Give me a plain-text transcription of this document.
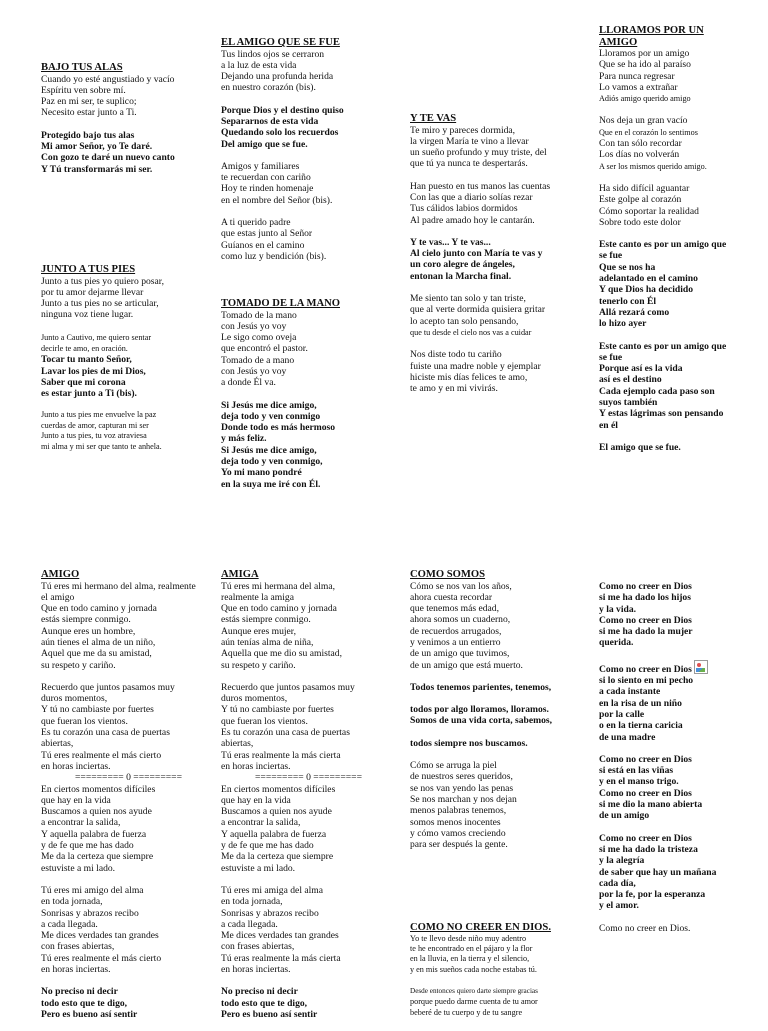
BAJO TUS ALAS

Cuando yo esté angustiado y vacío
Espíritu ven sobre mí.
Paz en mi ser, te suplico;
Necesito estar junto a Ti.

Protegido bajo tus alas
Mi amor Señor, yo Te daré.
Con gozo te daré un nuevo canto
Y Tú transformarás mi ser.

JUNTO A TUS PIES

Junto a tus pies yo quiero posar,
por tu amor dejarme llevar
Junto a tus pies no se articular,
ninguna voz tiene lugar.

Junto a Cautivo, me quiero sentar
decirle te amo, en oración.
Tocar tu manto Señor,
Lavar los pies de mi Dios,
Saber que mi corona
es estar junto a Ti (bis).

Junto a tus pies me envuelve la paz
cuerdas de amor, capturan mi ser
Junto a tus pies, tu voz atraviesa
mi alma y mi ser que tanto te anhela.

EL AMIGO QUE SE FUE

Tus lindos ojos se cerraron
a la luz de esta vida
Dejando una profunda herida
en nuestro corazón (bis).

Porque Dios y el destino quiso
Separarnos de esta vida
Quedando solo los recuerdos
Del amigo que se fue.

Amigos y familiares
te recuerdan con cariño
Hoy te rinden homenaje
en el nombre del Señor (bis).

A ti querido padre
que estas junto al Señor
Guíanos en el camino
como luz y bendición (bis).

TOMADO DE LA MANO

Tomado de la mano
con Jesús yo voy
Le sigo como oveja
que encontró el pastor.
Tomado de a mano
con Jesús yo voy
a donde Él va.

Si Jesús me dice amigo,
deja todo y ven conmigo
Donde todo es más hermoso
y más feliz.
Si Jesús me dice amigo,
deja todo y ven conmigo,
Yo mi mano pondré
en la suya me iré con Él.

Y TE VAS

Te miro y pareces dormida,
la virgen María te vino a llevar
un sueño profundo y muy triste, del
que tú ya nunca te despertarás.

Han puesto en tus manos las cuentas
Con las que a diario solías rezar
Tus cálidos labios dormidos
Al padre amado hoy le cantarán.

Y te vas... Y te vas...
Al cielo junto con María te vas y
un coro alegre de ángeles,
entonan la Marcha final.

Me siento tan solo y tan triste,
que al verte dormida quisiera gritar
lo acepto tan solo pensando,
que tu desde el cielo nos vas a cuidar

Nos diste todo tu cariño
fuiste una madre noble y ejemplar
hiciste mis días felices te amo,
te amo y en mi vivirás.

LLORAMOS POR UN
AMIGO

Lloramos por un amigo
Que se ha ido al paraíso
Para nunca regresar
Lo vamos a extrañar
Adiós amigo querido amigo

Nos deja un gran vacío
Que en el corazón lo sentimos
Con tan sólo recordar
Los días no volverán
A ser los mismos querido amigo.

Ha sido difícil aguantar
Este golpe al corazón
Cómo soportar la realidad
Sobre todo este dolor

Este canto es por un amigo que
se fue
Que se nos ha
adelantado en el camino
Y que Dios ha decidido
tenerlo con Él
Allá rezará como
lo hizo ayer

Este canto es por un amigo que
se fue
Porque así es la vida
así es el destino
Cada ejemplo cada paso son
suyos también
Y estas lágrimas son pensando
en él

El amigo que se fue.

AMIGO

Tú eres mi hermano del alma, realmente
el amigo
Que en todo camino y jornada
estás siempre conmigo.
Aunque eres un hombre,
aún tienes el alma de un niño,
Aquel que me da su amistad,
su respeto y cariño.

Recuerdo que juntos pasamos muy
duros momentos,
Y tú no cambiaste por fuertes
que fueran los vientos.
Es tu corazón una casa de puertas
abiertas,
Tú eres realmente el más cierto
en horas inciertas.
========= 0 =========
En ciertos momentos difíciles
que hay en la vida
Buscamos a quien nos ayude
a encontrar la salida,
Y aquella palabra de fuerza
y de fe que me has dado
Me da la certeza que siempre
estuviste a mi lado.

Tú eres mi amigo del alma
en toda jornada,
Sonrisas y abrazos recibo
a cada llegada.
Me dices verdades tan grandes
con frases abiertas,
Tú eres realmente el más cierto
en horas inciertas.

No preciso ni decir
todo esto que te digo,
Pero es bueno así sentir

AMIGA

Tú eres mi hermana del alma,
realmente la amiga
Que en todo camino y jornada
estás siempre conmigo.
Aunque eres mujer,
aún tenías alma de niña,
Aquella que me dio su amistad,
su respeto y cariño.

Recuerdo que juntos pasamos muy
duros momentos,
Y tú no cambiaste por fuertes
que fueran los vientos.
Es tu corazón una casa de puertas
abiertas,
Tú eras realmente la más cierta
en horas inciertas.
========= 0 =========
En ciertos momentos difíciles
que hay en la vida
Buscamos a quien nos ayude
a encontrar la salida,
Y aquella palabra de fuerza
y de fe que me has dado
Me da la certeza que siempre
estuviste a mi lado.

Tú eres mi amiga del alma
en toda jornada,
Sonrisas y abrazos recibo
a cada llegada.
Me dices verdades tan grandes
con frases abiertas,
Tú eras realmente la más cierta
en horas inciertas.

No preciso ni decir
todo esto que te digo,
Pero es bueno así sentir

COMO SOMOS

Cómo se nos van los años,
ahora cuesta recordar
que tenemos más edad,
ahora somos un cuaderno,
de recuerdos arrugados,
y venimos a un entierro
de un amigo que tuvimos,
de un amigo que está muerto.

Todos tenemos parientes, tenemos,

todos por algo lloramos, lloramos.
Somos de una vida corta, sabemos,

todos siempre nos buscamos.

Cómo se arruga la piel
de nuestros seres queridos,
se nos van yendo las penas
Se nos marchan y nos dejan
menos palabras tenemos,
somos menos inocentes
y cómo vamos creciendo
para ser después la gente.

COMO NO CREER EN DIOS.

Yo te llevo desde niño muy adentro
te he encontrado en el pájaro y la flor
en la lluvia, en la tierra y el silencio,
y en mis sueños cada noche estabas tú.

Desde entonces quiero darte siempre gracias
porque puedo darme cuenta de tu amor
beberé de tu cuerpo y de tu sangre

Como no creer en Dios
si me ha dado los hijos
y la vida.
Como no creer en Dios
si me ha dado la mujer
querida.

Como no creer en Dios
si lo siento en mi pecho
a cada instante
en la risa de un niño
por la calle
o en la tierna caricia
de una madre

Como no creer en Dios
si está en las viñas
y en el manso trigo.
Como no creer en Dios
si me dio la mano abierta
de un amigo

Como no creer en Dios
si me ha dado la tristeza
y la alegría
de saber que hay un mañana
cada día,
por la fe, por la esperanza
y el amor.

Como no creer en Dios.
